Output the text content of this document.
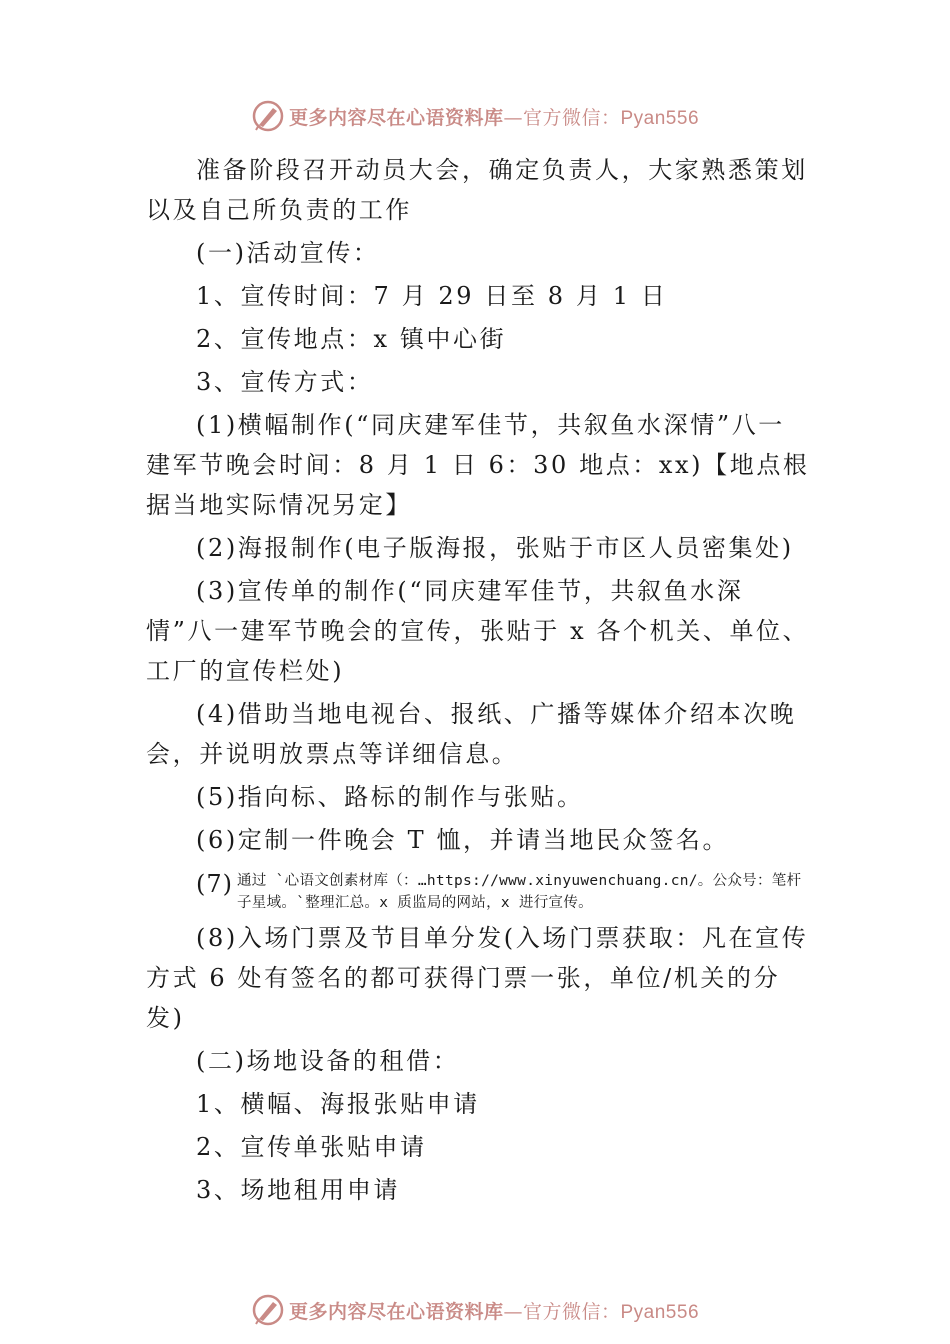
更多内容尽在心语资料库—官方微信：Pyan556
准备阶段召开动员大会，确定负责人，大家熟悉策划以及自己所负责的工作
(一)活动宣传：
1、宣传时间：7 月 29 日至 8 月 1 日
2、宣传地点：x 镇中心街
3、宣传方式：
(1)横幅制作(“同庆建军佳节，共叙鱼水深情”八一建军节晚会时间：8 月 1 日 6：30 地点：xx)【地点根据当地实际情况另定】
(2)海报制作(电子版海报，张贴于市区人员密集处)
(3)宣传单的制作(“同庆建军佳节，共叙鱼水深情”八一建军节晚会的宣传，张贴于 x 各个机关、单位、工厂的宣传栏处)
(4)借助当地电视台、报纸、广播等媒体介绍本次晚会，并说明放票点等详细信息。
(5)指向标、路标的制作与张贴。
(6)定制一件晚会 T 恤，并请当地民众签名。
(7) 通过 `心语文创素材库（：…https://www.xinyuwenchuang.cn/。公众号：笔杆子星域。`整理汇总。x 质监局的网站，x 进行宣传。
(8)入场门票及节目单分发(入场门票获取：凡在宣传方式 6 处有签名的都可获得门票一张，单位/机关的分发)
(二)场地设备的租借：
1、横幅、海报张贴申请
2、宣传单张贴申请
3、场地租用申请
更多内容尽在心语资料库—官方微信：Pyan556
